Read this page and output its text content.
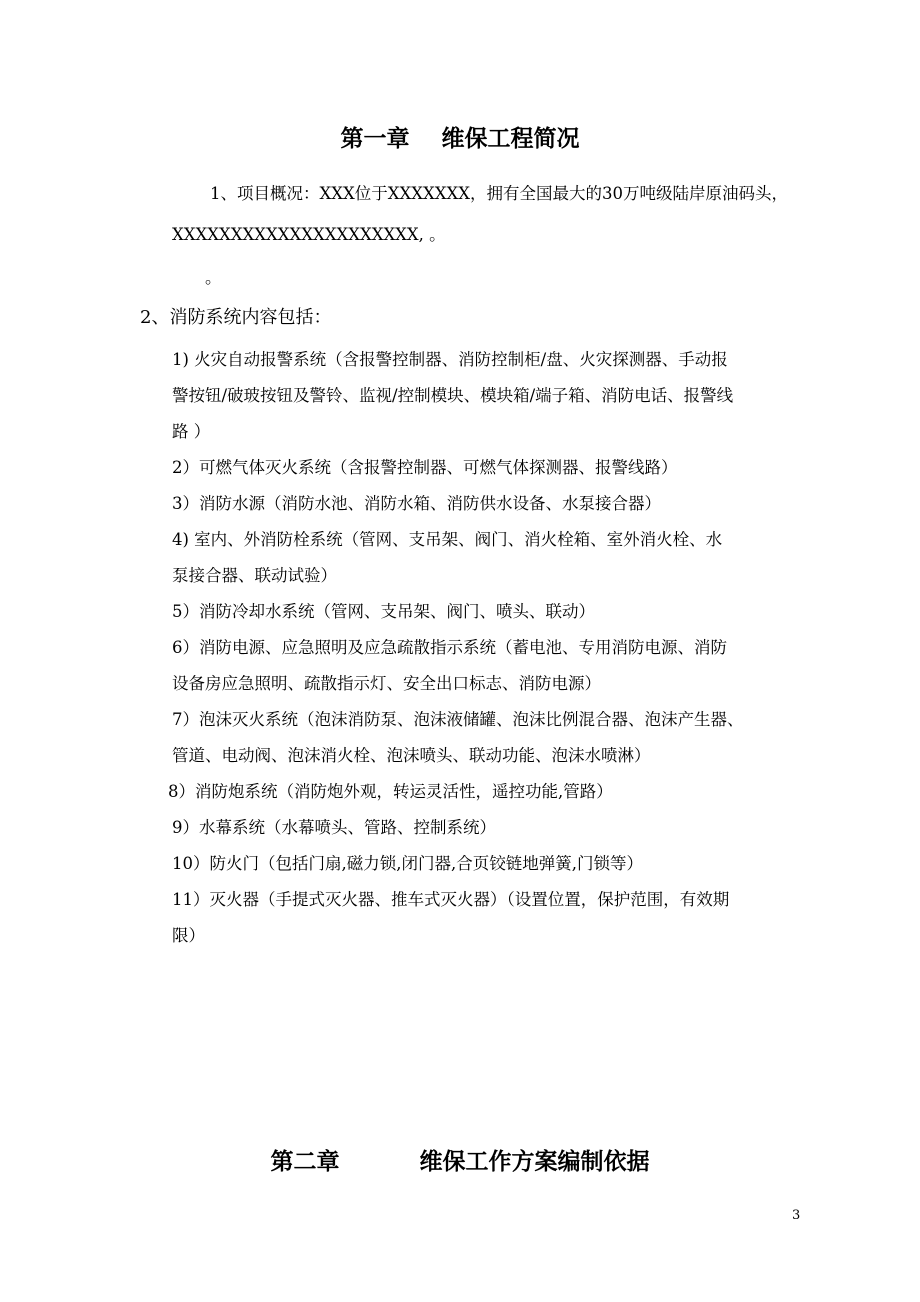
第一章    维保工程简况
1、项目概况：XXX位于XXXXXXX，拥有全国最大的30万吨级陆岸原油码头，
XXXXXXXXXXXXXXXXXXXXX, 。
。
2、消防系统内容包括：
1) 火灾自动报警系统（含报警控制器、消防控制柜/盘、火灾探测器、手动报
警按钮/破玻按钮及警铃、监视/控制模块、模块箱/端子箱、消防电话、报警线
路 ）
2）可燃气体灭火系统（含报警控制器、可燃气体探测器、报警线路）
3）消防水源（消防水池、消防水箱、消防供水设备、水泵接合器）
4) 室内、外消防栓系统（管网、支吊架、阀门、消火栓箱、室外消火栓、水
泵接合器、联动试验）
5）消防冷却水系统（管网、支吊架、阀门、喷头、联动）
6）消防电源、应急照明及应急疏散指示系统（蓄电池、专用消防电源、消防
设备房应急照明、疏散指示灯、安全出口标志、消防电源）
7）泡沫灭火系统（泡沫消防泵、泡沫液储罐、泡沫比例混合器、泡沫产生器、
管道、电动阀、泡沫消火栓、泡沫喷头、联动功能、泡沫水喷淋）
8）消防炮系统（消防炮外观，转运灵活性，遥控功能,管路）
9）水幕系统（水幕喷头、管路、控制系统）
10）防火门（包括门扇,磁力锁,闭门器,合页铰链地弹簧,门锁等）
11）灭火器（手提式灭火器、推车式灭火器）（设置位置，保护范围，有效期
限）
第二章          维保工作方案编制依据
3
